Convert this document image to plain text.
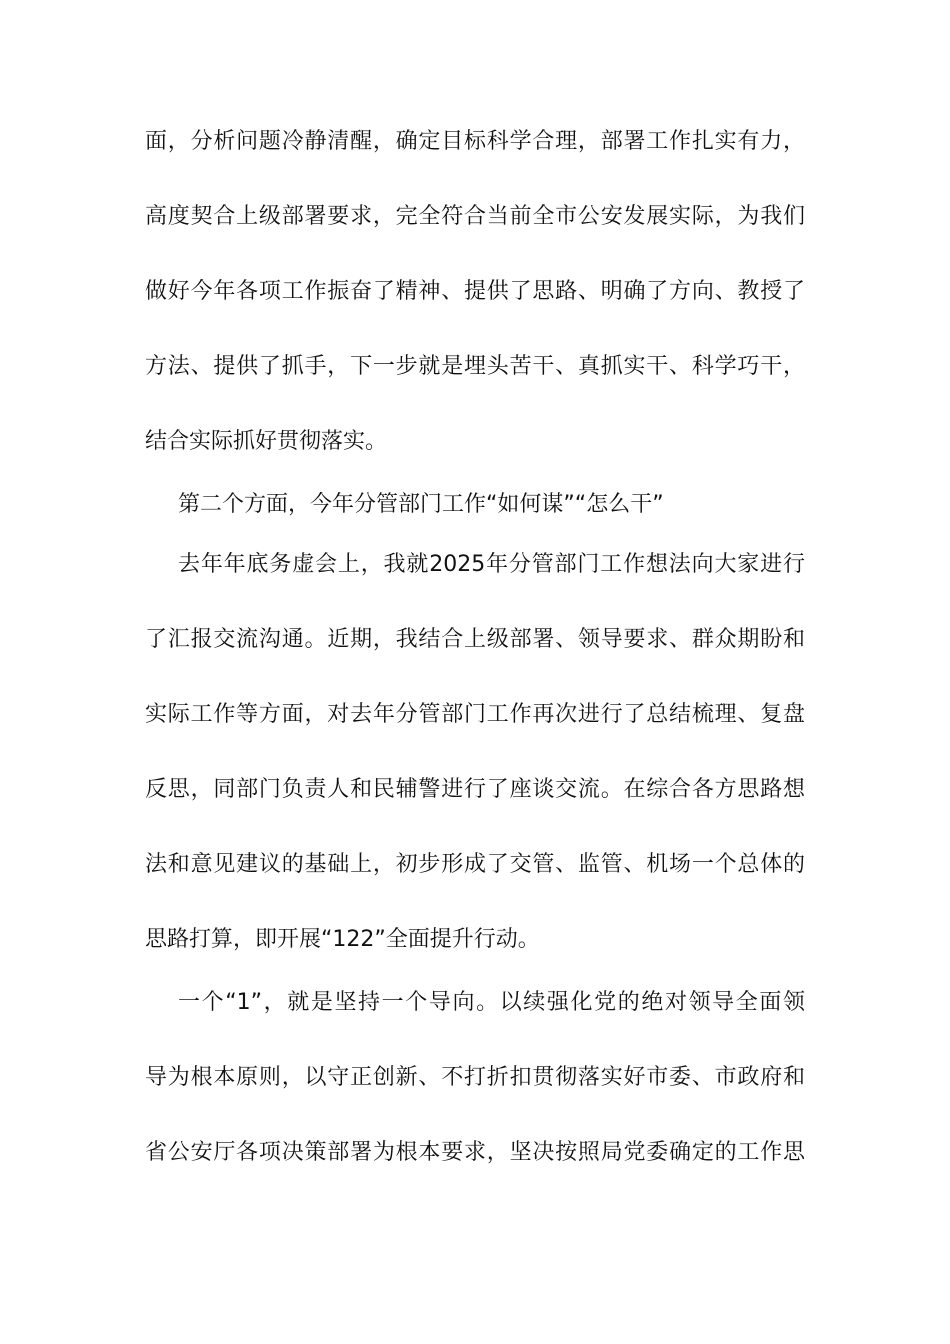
面，分析问题冷静清醒，确定目标科学合理，部署工作扎实有力，
高度契合上级部署要求，完全符合当前全市公安发展实际，为我们
做好今年各项工作振奋了精神、提供了思路、明确了方向、教授了
方法、提供了抓手，下一步就是埋头苦干、真抓实干、科学巧干，
结合实际抓好贯彻落实。
第二个方面，今年分管部门工作“如何谋”“怎么干”
去年年底务虚会上，我就2025年分管部门工作想法向大家进行
了汇报交流沟通。近期，我结合上级部署、领导要求、群众期盼和
实际工作等方面，对去年分管部门工作再次进行了总结梳理、复盘
反思，同部门负责人和民辅警进行了座谈交流。在综合各方思路想
法和意见建议的基础上，初步形成了交管、监管、机场一个总体的
思路打算，即开展“122”全面提升行动。
一个“1”，就是坚持一个导向。以续强化党的绝对领导全面领
导为根本原则，以守正创新、不打折扣贯彻落实好市委、市政府和
省公安厅各项决策部署为根本要求，坚决按照局党委确定的工作思
